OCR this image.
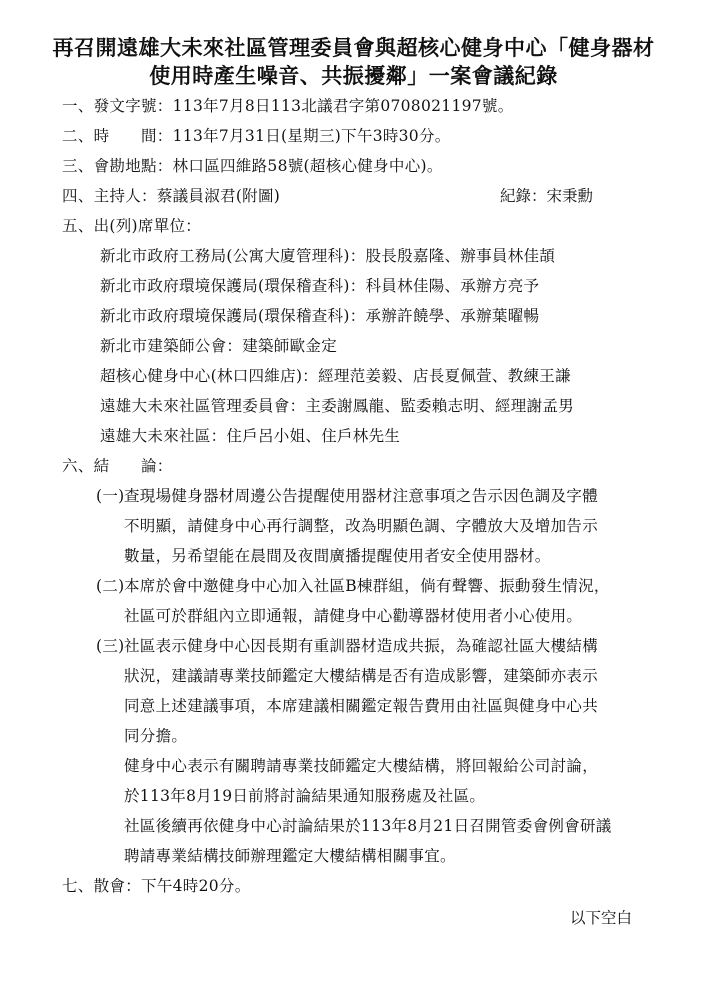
再召開遠雄大未來社區管理委員會與超核心健身中心「健身器材
使用時產生噪音、共振擾鄰」一案會議紀錄
一、發文字號：113年7月8日113北議君字第0708021197號。
二、時　　間：113年7月31日(星期三)下午3時30分。
三、會勘地點：林口區四維路58號(超核心健身中心)。
四、主持人：蔡議員淑君(附圖)	紀錄：宋秉勳
五、出(列)席單位：
新北市政府工務局(公寓大廈管理科)：股長殷嘉隆、辦事員林佳頡
新北市政府環境保護局(環保稽查科)：科員林佳陽、承辦方亮予
新北市政府環境保護局(環保稽查科)：承辦許饒學、承辦葉曜暢
新北市建築師公會：建築師歐金定
超核心健身中心(林口四維店)：經理范姜毅、店長夏佩萱、教練王謙
遠雄大未來社區管理委員會：主委謝鳳龍、監委賴志明、經理謝孟男
遠雄大未來社區：住戶呂小姐、住戶林先生
六、結　　論：
(一) 查現場健身器材周邊公告提醒使用器材注意事項之告示因色調及字體
不明顯，請健身中心再行調整，改為明顯色調、字體放大及增加告示
數量，另希望能在晨間及夜間廣播提醒使用者安全使用器材。
(二) 本席於會中邀健身中心加入社區B棟群組，倘有聲響、振動發生情況，
社區可於群組內立即通報，請健身中心勸導器材使用者小心使用。
(三) 社區表示健身中心因長期有重訓器材造成共振，為確認社區大樓結構
狀況，建議請專業技師鑑定大樓結構是否有造成影響，建築師亦表示
同意上述建議事項，本席建議相關鑑定報告費用由社區與健身中心共
同分擔。
健身中心表示有關聘請專業技師鑑定大樓結構，將回報給公司討論，
於113年8月19日前將討論結果通知服務處及社區。
社區後續再依健身中心討論結果於113年8月21日召開管委會例會研議
聘請專業結構技師辦理鑑定大樓結構相關事宜。
七、散會：下午4時20分。
以下空白
